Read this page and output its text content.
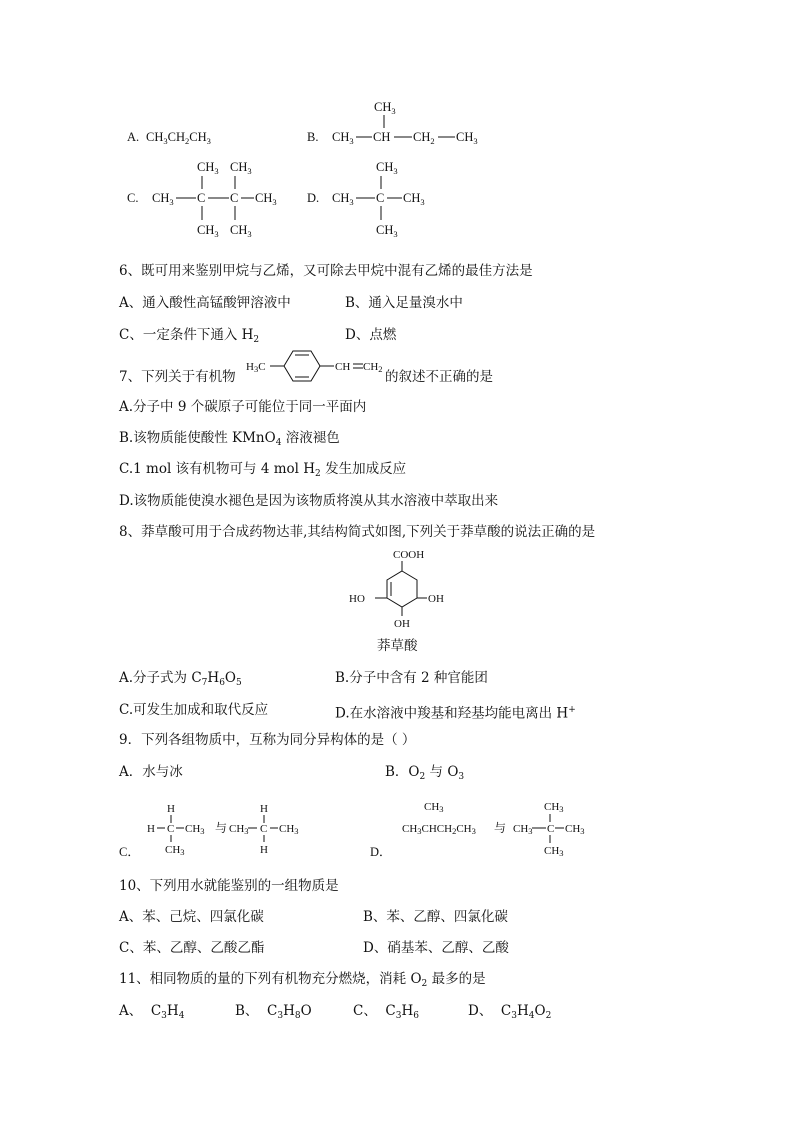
A. $CH_3CH_2CH_3$	B.
$CH_3$
$CH_3$ CH $CH_2$ $CH_3$
C.
$CH_3$ $CH_3$
$CH_3$ C C $CH_3$
$CH_3$ $CH_3$
D.
$CH_3$
$CH_3$ C $CH_3$
$CH_3$
6、既可用来鉴别甲烷与乙烯，又可除去甲烷中混有乙烯的最佳方法是
A、通入酸性高锰酸钾溶液中	B、通入足量溴水中
C、一定条件下通入 $H_2$	D、点燃
7、下列关于有机物
H3C	CH CH2 的叙述不正确的是
A.分子中 9 个碳原子可能位于同一平面内
B.该物质能使酸性 KMnO$_4$ 溶液褪色
C.1 mol 该有机物可与 4 mol $H_2$ 发生加成反应
D.该物质能使溴水褪色是因为该物质将溴从其水溶液中萃取出来
8、莽草酸可用于合成药物达菲,其结构简式如图,下列关于莽草酸的说法正确的是
COOH
HO	OH
OH
莽草酸
A.分子式为 $C_7H_6O_5$	B.分子中含有 2 种官能团
C.可发生加成和取代反应	D.在水溶液中羧基和羟基均能电离出 H+
9．下列各组物质中，互称为同分异构体的是（ ）
A．水与冰	B．$O_2$ 与 $O_3$
C．
H
H C CH3
CH3
与 CH3
H
C CH3
H	D．
CH3
CH3CHCH2CH3 与 CH3
CH3
C CH3
CH3
10、下列用水就能鉴别的一组物质是
A、苯、己烷、四氯化碳	B、苯、乙醇、四氯化碳
C、苯、乙醇、乙酸乙酯	D、硝基苯、乙醇、乙酸
11、相同物质的量的下列有机物充分燃烧，消耗 $O_2$ 最多的是
A、  $C_3H_4$	B、  $C_3H_8O$	C、  $C_3H_6$	D、  $C_3H_4O_2$
